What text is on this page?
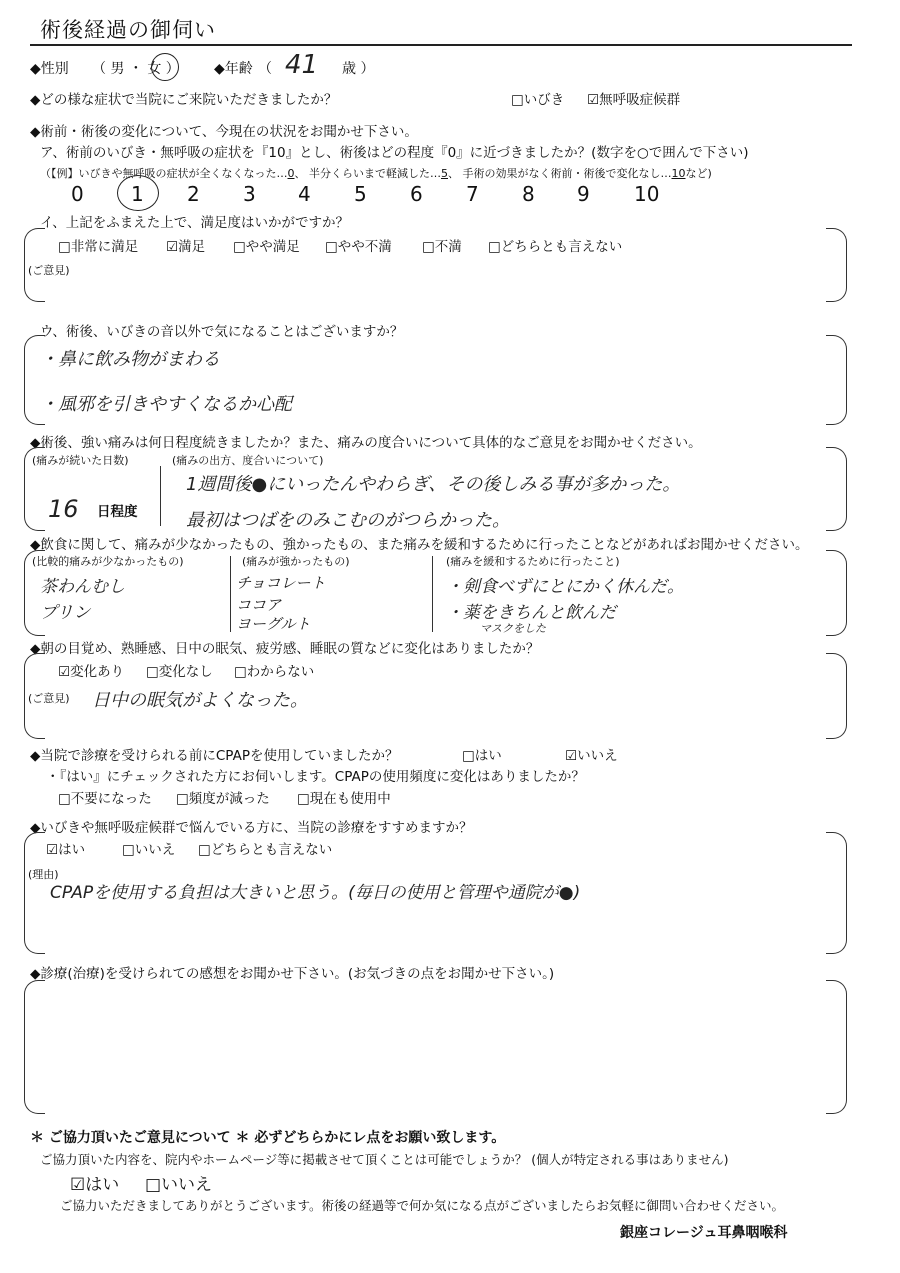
術後経過の御伺い
◆性別 （ 男 ・ 女 ） ◆年齢 （ 41 歳 ）
◆どの様な症状で当院にご来院いただきましたか？	□いびき ☑無呼吸症候群
◆術前・術後の変化について、今現在の状況をお聞かせ下さい。
ア、術前のいびき・無呼吸の症状を『10』とし、術後はどの程度『0』に近づきましたか？(数字を○で囲んで下さい)
（【例】いびきや無呼吸の症状が全くなくなった…0、 半分くらいまで軽減した…5、 手術の効果がなく術前・術後で変化なし…10など)
0 1 2 3 4 5 6 7 8 9 10
イ、上記をふまえた上で、満足度はいかがですか？
□非常に満足 ☑満足 □やや満足 □やや不満 □不満 □どちらとも言えない
(ご意見)
ウ、術後、いびきの音以外で気になることはございますか？
・鼻に飲み物がまわる
・風邪を引きやすくなるか心配
◆術後、強い痛みは何日程度続きましたか？また、痛みの度合いについて具体的なご意見をお聞かせください。
(痛みが続いた日数)
16 日程度
(痛みの出方、度合いについて)
1週間後●にいったんやわらぎ、その後しみる事が多かった。
最初はつばをのみこむのがつらかった。
◆飲食に関して、痛みが少なかったもの、強かったもの、また痛みを緩和するために行ったことなどがあればお聞かせください。
(比較的痛みが少なかったもの)
茶わんむし
プリン
(痛みが強かったもの)
チョコレート
ココア
ヨーグルト
(痛みを緩和するために行ったこと)
・剣食べずにとにかく休んだ。
・薬をきちんと飲んだ
マスクをした
◆朝の目覚め、熟睡感、日中の眠気、疲労感、睡眠の質などに変化はありましたか？
☑変化あり □変化なし □わからない
(ご意見) 日中の眠気がよくなった。
◆当院で診療を受けられる前にCPAPを使用していましたか？	□はい	☑いいえ
・『はい』にチェックされた方にお伺いします。CPAPの使用頻度に変化はありましたか？
□不要になった □頻度が減った □現在も使用中
◆いびきや無呼吸症候群で悩んでいる方に、当院の診療をすすめますか？
☑はい	□いいえ □どちらとも言えない
(理由)
CPAPを使用する負担は大きいと思う。(毎日の使用と管理や通院が●)
◆診療(治療)を受けられての感想をお聞かせ下さい。(お気づきの点をお聞かせ下さい。)
＊ ご協力頂いたご意見について ＊ 必ずどちらかにレ点をお願い致します。
ご協力頂いた内容を、院内やホームページ等に掲載させて頂くことは可能でしょうか？ (個人が特定される事はありません)
☑はい □いいえ
ご協力いただきましてありがとうございます。術後の経過等で何か気になる点がございましたらお気軽に御問い合わせください。
銀座コレージュ耳鼻咽喉科
